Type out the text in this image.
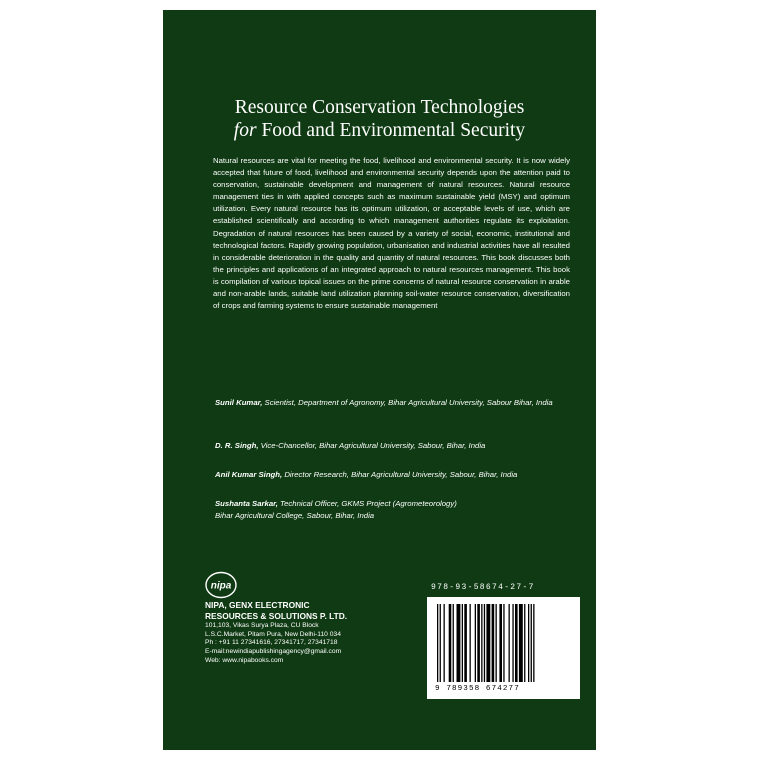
Resource Conservation Technologies
for Food and Environmental Security
Natural resources are vital for meeting the food, livelihood and environmental security. It is now widely accepted that future of food, livelihood and environmental security depends upon the attention paid to conservation, sustainable development and management of natural resources. Natural resource management ties in with applied concepts such as maximum sustainable yield (MSY) and optimum utilization. Every natural resource has its optimum utilization, or acceptable levels of use, which are established scientifically and according to which management authorities regulate its exploitation. Degradation of natural resources has been caused by a variety of social, economic, institutional and technological factors. Rapidly growing population, urbanisation and industrial activities have all resulted in considerable deterioration in the quality and quantity of natural resources. This book discusses both the principles and applications of an integrated approach to natural resources management. This book is compilation of various topical issues on the prime concerns of natural resource conservation in arable and non-arable lands, suitable land utilization planning soil-water resource conservation, diversification of crops and farming systems to ensure sustainable management
Sunil Kumar, Scientist, Department of Agronomy, Bihar Agricultural University, Sabour Bihar, India
D. R. Singh, Vice-Chancellor, Bihar Agricultural University, Sabour, Bihar, India
Anil Kumar Singh, Director Research, Bihar Agricultural University, Sabour, Bihar, India
Sushanta Sarkar, Technical Officer, GKMS Project (Agrometeorology)
Bihar Agricultural College, Sabour, Bihar, India
nipa
NIPA, GENX ELECTRONIC
RESOURCES & SOLUTIONS P. LTD.
101,103, Vikas Surya Plaza, CU Block
L.S.C.Market, Pitam Pura, New Delhi-110 034
Ph : +91 11 27341616, 27341717, 27341718
E-mail:newindiapublishingagency@gmail.com
Web: www.nipabooks.com
978-93-58674-27-7
9 789358 674277
